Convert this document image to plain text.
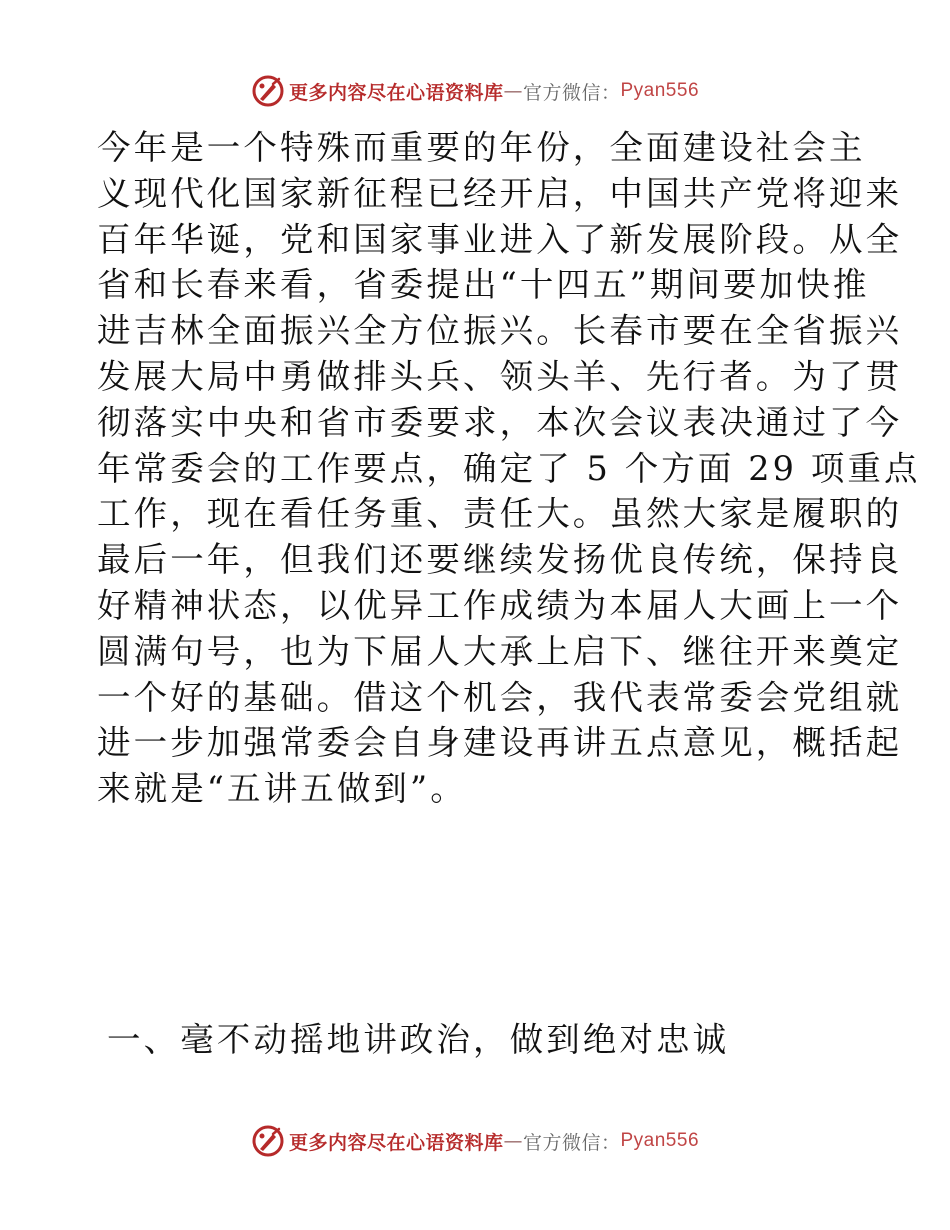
更多内容尽在心语资料库 — 官方微信： Pyan556
今年是一个特殊而重要的年份，全面建设社会主
义现代化国家新征程已经开启，中国共产党将迎来
百年华诞，党和国家事业进入了新发展阶段。从全
省和长春来看，省委提出“十四五”期间要加快推
进吉林全面振兴全方位振兴。长春市要在全省振兴
发展大局中勇做排头兵、领头羊、先行者。为了贯
彻落实中央和省市委要求，本次会议表决通过了今
年常委会的工作要点，确定了 5 个方面 29 项重点
工作，现在看任务重、责任大。虽然大家是履职的
最后一年，但我们还要继续发扬优良传统，保持良
好精神状态，以优异工作成绩为本届人大画上一个
圆满句号，也为下届人大承上启下、继往开来奠定
一个好的基础。借这个机会，我代表常委会党组就
进一步加强常委会自身建设再讲五点意见，概括起
来就是“五讲五做到”。
一、毫不动摇地讲政治，做到绝对忠诚
更多内容尽在心语资料库 — 官方微信： Pyan556
